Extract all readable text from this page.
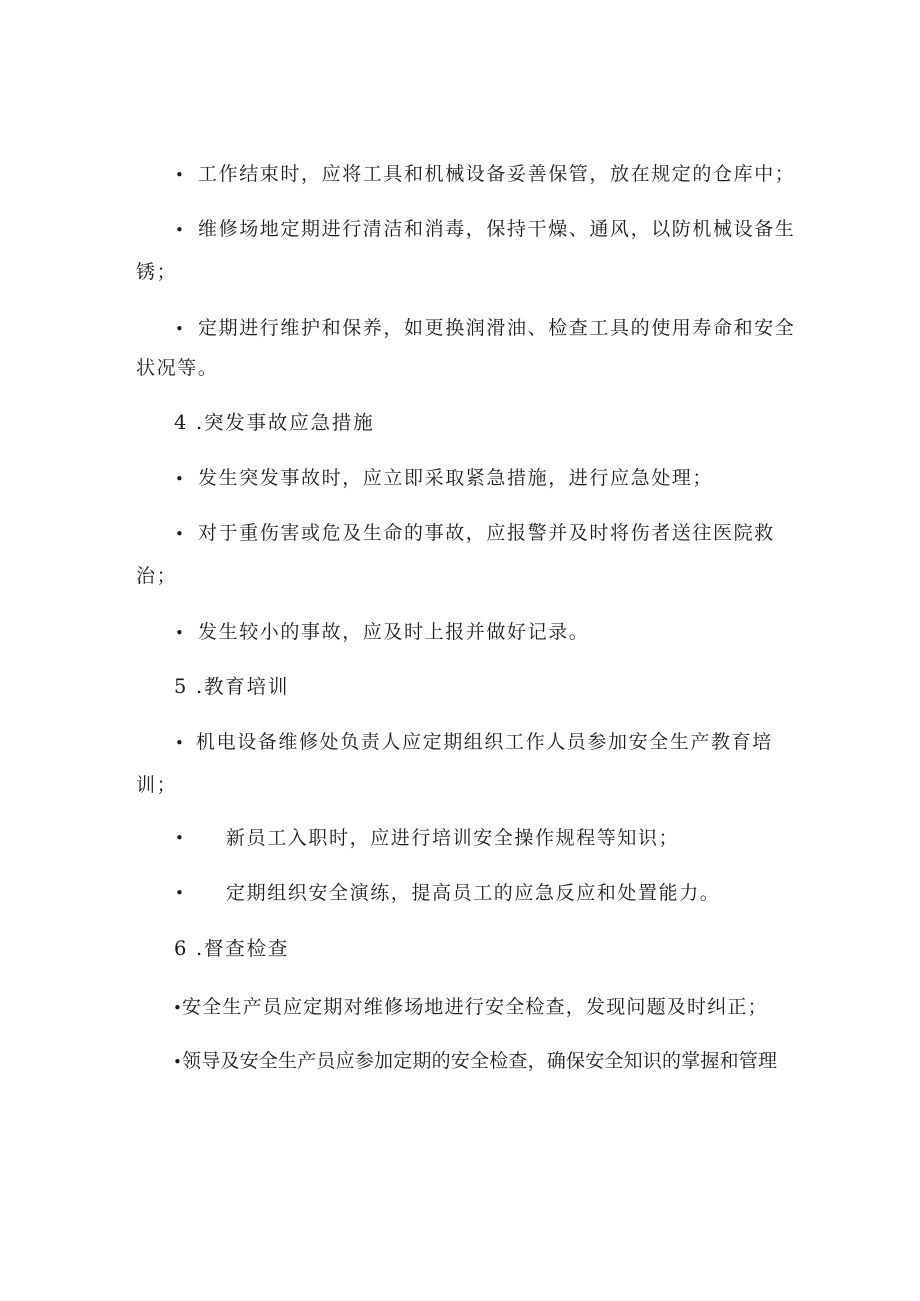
• 工作结束时，应将工具和机械设备妥善保管，放在规定的仓库中；
• 维修场地定期进行清洁和消毒，保持干燥、通风，以防机械设备生
锈；
• 定期进行维护和保养，如更换润滑油、检查工具的使用寿命和安全
状况等。
4 .突发事故应急措施
• 发生突发事故时，应立即采取紧急措施，进行应急处理；
• 对于重伤害或危及生命的事故，应报警并及时将伤者送往医院救
治；
• 发生较小的事故，应及时上报并做好记录。
5 .教育培训
• 机电设备维修处负责人应定期组织工作人员参加安全生产教育培
训；
• 新员工入职时，应进行培训安全操作规程等知识；
• 定期组织安全演练，提高员工的应急反应和处置能力。
6 .督查检查
• 安全生产员应定期对维修场地进行安全检查，发现问题及时纠正；
• 领导及安全生产员应参加定期的安全检查，确保安全知识的掌握和管理
